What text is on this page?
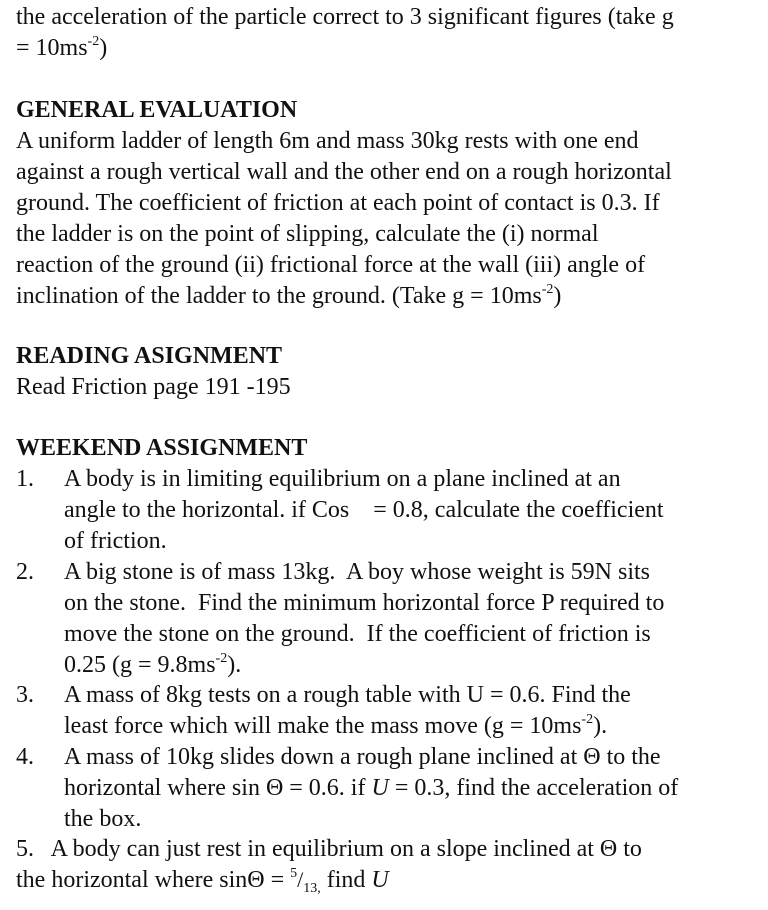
the acceleration of the particle correct to 3 significant figures (take g
= $10ms^{-2}$)
GENERAL EVALUATION
A uniform ladder of length 6m and mass 30kg rests with one end
against a rough vertical wall and the other end on a rough horizontal
ground. The coefficient of friction at each point of contact is 0.3. If
the ladder is on the point of slipping, calculate the (i) normal
reaction of the ground (ii) frictional force at the wall (iii) angle of
inclination of the ladder to the ground. (Take $g = 10ms^{-2}$)
READING ASIGNMENT
Read Friction page 191 -195
WEEKEND ASSIGNMENT
1. A body is in limiting equilibrium on a plane inclined at an
angle to the horizontal. if Cos    = 0.8, calculate the coefficient
of friction.
2. A big stone is of mass 13kg.  A boy whose weight is 59N sits
on the stone.  Find the minimum horizontal force P required to
move the stone on the ground.  If the coefficient of friction is
0.25 $(g = 9.8ms^{-2})$.
3. A mass of 8kg tests on a rough table with U = 0.6. Find the
least force which will make the mass move $(g = 10ms^{-2})$.
4. A mass of 10kg slides down a rough plane inclined at Θ to the
horizontal where sin Θ = 0.6. if U = 0.3, find the acceleration of
the box.
5.   A body can just rest in equilibrium on a slope inclined at Θ to
the horizontal where $\sin\Theta = ^5/_{13,}$ find U
